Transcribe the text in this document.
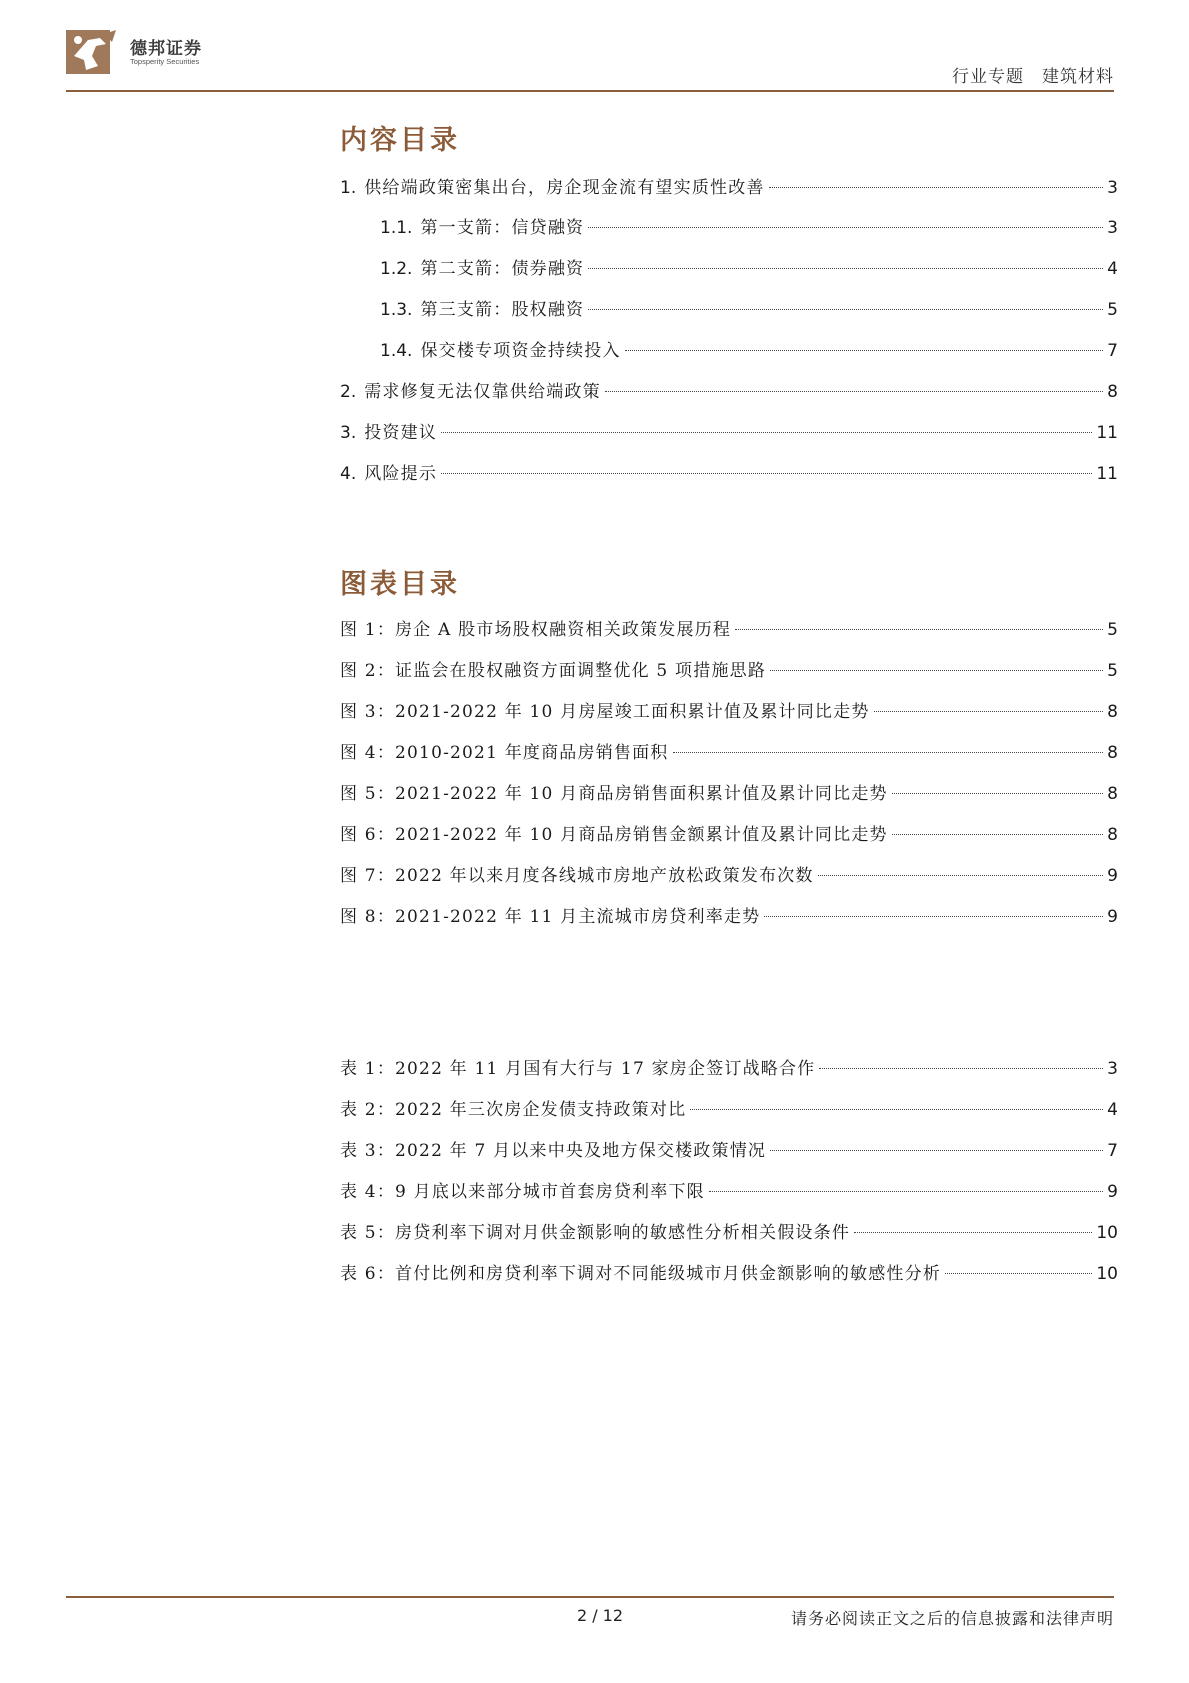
德邦证券
Topsperity Securities
行业专题 建筑材料
内容目录
1. 供给端政策密集出台，房企现金流有望实质性改善	3
1.1. 第一支箭：信贷融资	3
1.2. 第二支箭：债券融资	4
1.3. 第三支箭：股权融资	5
1.4. 保交楼专项资金持续投入	7
2. 需求修复无法仅靠供给端政策	8
3. 投资建议	11
4. 风险提示	11
图表目录
图 1：房企 A 股市场股权融资相关政策发展历程	5
图 2：证监会在股权融资方面调整优化 5 项措施思路	5
图 3：2021-2022 年 10 月房屋竣工面积累计值及累计同比走势	8
图 4：2010-2021 年度商品房销售面积	8
图 5：2021-2022 年 10 月商品房销售面积累计值及累计同比走势	8
图 6：2021-2022 年 10 月商品房销售金额累计值及累计同比走势	8
图 7：2022 年以来月度各线城市房地产放松政策发布次数	9
图 8：2021-2022 年 11 月主流城市房贷利率走势	9
表 1：2022 年 11 月国有大行与 17 家房企签订战略合作	3
表 2：2022 年三次房企发债支持政策对比	4
表 3：2022 年 7 月以来中央及地方保交楼政策情况	7
表 4：9 月底以来部分城市首套房贷利率下限	9
表 5：房贷利率下调对月供金额影响的敏感性分析相关假设条件	10
表 6：首付比例和房贷利率下调对不同能级城市月供金额影响的敏感性分析	10
2 / 12	请务必阅读正文之后的信息披露和法律声明
